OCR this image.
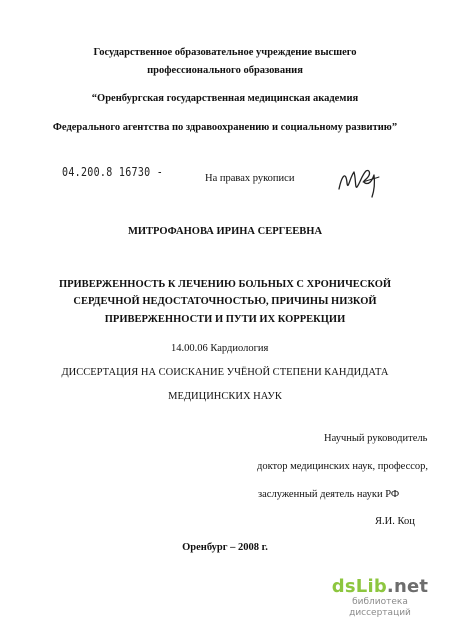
Государственное образовательное учреждение высшего
профессионального образования
“Оренбургская государственная медицинская академия
Федерального агентства по здравоохранению и социальному развитию”
04.200.8 16730 -	На правах рукописи
МИТРОФАНОВА ИРИНА СЕРГЕЕВНА
ПРИВЕРЖЕННОСТЬ К ЛЕЧЕНИЮ БОЛЬНЫХ С ХРОНИЧЕСКОЙ
СЕРДЕЧНОЙ НЕДОСТАТОЧНОСТЬЮ, ПРИЧИНЫ НИЗКОЙ
ПРИВЕРЖЕННОСТИ И ПУТИ ИХ КОРРЕКЦИИ
14.00.06 Кардиология
ДИССЕРТАЦИЯ НА СОИСКАНИЕ УЧЁНОЙ СТЕПЕНИ КАНДИДАТА
МЕДИЦИНСКИХ НАУК
Научный руководитель
доктор медицинских наук, профессор,
заслуженный деятель науки РФ
Я.И. Коц
Оренбург – 2008 г.
dsLib.net
библиотека диссертаций
